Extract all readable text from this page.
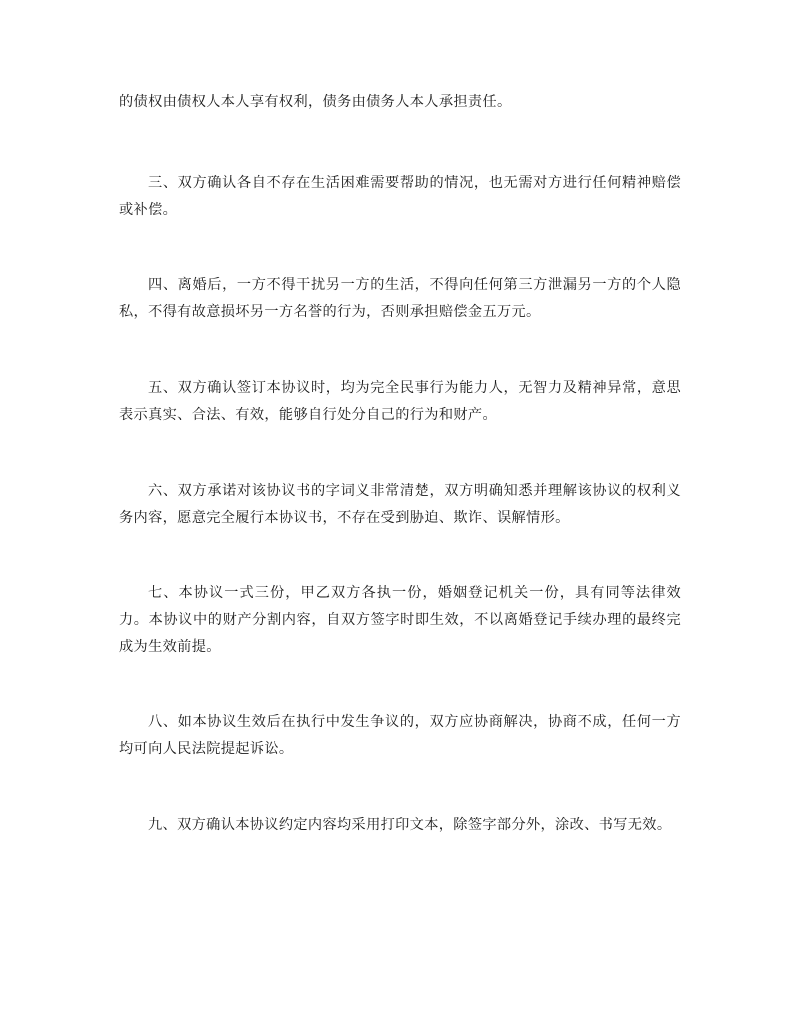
的债权由债权人本人享有权利，债务由债务人本人承担责任。

三、双方确认各自不存在生活困难需要帮助的情况，也无需对方进行任何精神赔偿或补偿。

四、离婚后，一方不得干扰另一方的生活，不得向任何第三方泄漏另一方的个人隐私，不得有故意损坏另一方名誉的行为，否则承担赔偿金五万元。

五、双方确认签订本协议时，均为完全民事行为能力人，无智力及精神异常，意思表示真实、合法、有效，能够自行处分自己的行为和财产。

六、双方承诺对该协议书的字词义非常清楚，双方明确知悉并理解该协议的权利义务内容，愿意完全履行本协议书，不存在受到胁迫、欺诈、误解情形。

七、本协议一式三份，甲乙双方各执一份，婚姻登记机关一份，具有同等法律效力。本协议中的财产分割内容，自双方签字时即生效，不以离婚登记手续办理的最终完成为生效前提。

八、如本协议生效后在执行中发生争议的，双方应协商解决，协商不成，任何一方均可向人民法院提起诉讼。

九、双方确认本协议约定内容均采用打印文本，除签字部分外，涂改、书写无效。
